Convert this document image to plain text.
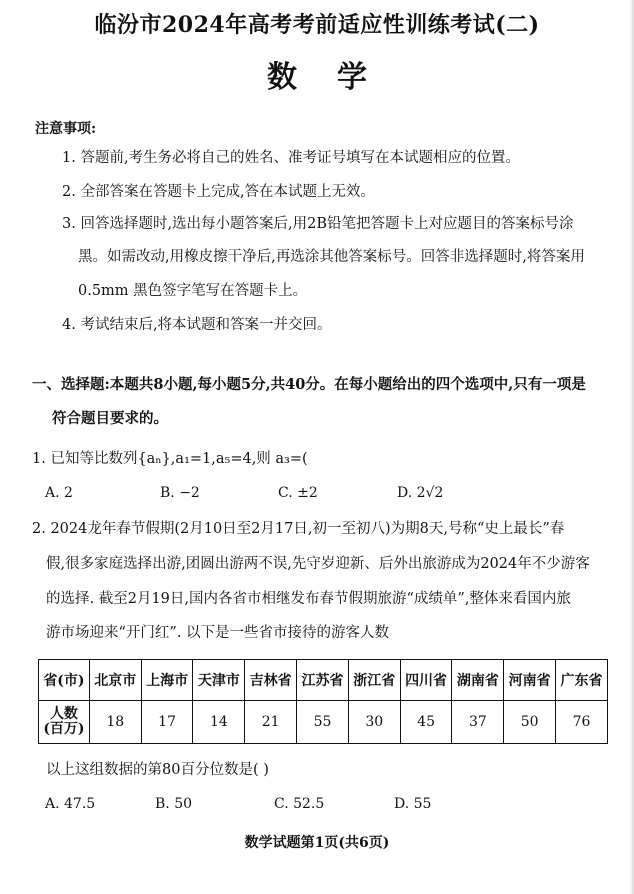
临汾市2024年高考考前适应性训练考试(二)
数学
注意事项:
1. 答题前,考生务必将自己的姓名、准考证号填写在本试题相应的位置。
2. 全部答案在答题卡上完成,答在本试题上无效。
3. 回答选择题时,选出每小题答案后,用2B铅笔把答题卡上对应题目的答案标号涂
黑。如需改动,用橡皮擦干净后,再选涂其他答案标号。回答非选择题时,将答案用
0.5mm 黑色签字笔写在答题卡上。
4. 考试结束后,将本试题和答案一并交回。
一、选择题:本题共8小题,每小题5分,共40分。在每小题给出的四个选项中,只有一项是
符合题目要求的。
1. 已知等比数列{aₙ},a₁=1,a₅=4,则 a₃=(
A. 2	B. −2	C. ±2	D. 2√2
2. 2024龙年春节假期(2月10日至2月17日,初一至初八)为期8天,号称“史上最长”春
假,很多家庭选择出游,团圆出游两不误,先守岁迎新、后外出旅游成为2024年不少游客
的选择. 截至2月19日,国内各省市相继发布春节假期旅游“成绩单”,整体来看国内旅
游市场迎来“开门红”. 以下是一些省市接待的游客人数
省(市)	北京市	上海市	天津市	吉林省	江苏省	浙江省	四川省	湖南省	河南省	广东省

人数
(百万)	18	17	14	21	55	30	45	37	50	76
以上这组数据的第80百分位数是( )
A. 47.5	B. 50	C. 52.5	D. 55
数学试题第1页(共6页)
